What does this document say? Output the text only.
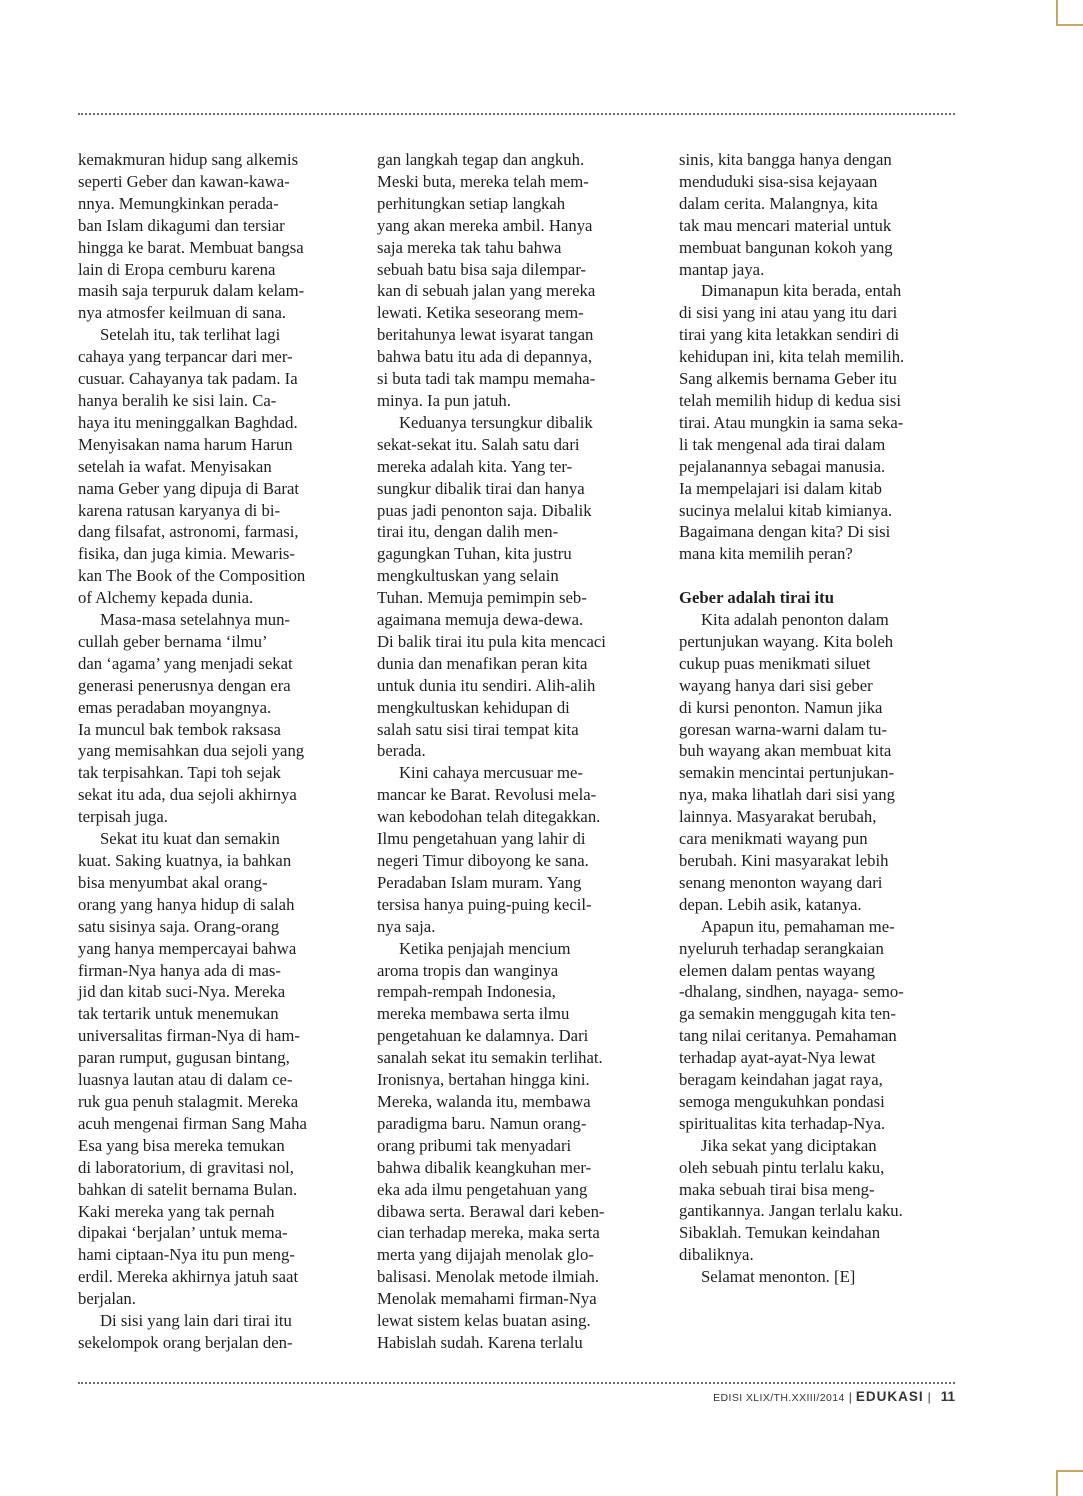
kemakmuran hidup sang alkemis
seperti Geber dan kawan-kawa-
nnya. Memungkinkan perada-
ban Islam dikagumi dan tersiar
hingga ke barat. Membuat bangsa
lain di Eropa cemburu karena
masih saja terpuruk dalam kelam-
nya atmosfer keilmuan di sana.
Setelah itu, tak terlihat lagi
cahaya yang terpancar dari mer-
cusuar. Cahayanya tak padam. Ia
hanya beralih ke sisi lain. Ca-
haya itu meninggalkan Baghdad.
Menyisakan nama harum Harun
setelah ia wafat. Menyisakan
nama Geber yang dipuja di Barat
karena ratusan karyanya di bi-
dang filsafat, astronomi, farmasi,
fisika, dan juga kimia. Mewaris-
kan The Book of the Composition
of Alchemy kepada dunia.
Masa-masa setelahnya mun-
cullah geber bernama ‘ilmu’
dan ‘agama’ yang menjadi sekat
generasi penerusnya dengan era
emas peradaban moyangnya.
Ia muncul bak tembok raksasa
yang memisahkan dua sejoli yang
tak terpisahkan. Tapi toh sejak
sekat itu ada, dua sejoli akhirnya
terpisah juga.
Sekat itu kuat dan semakin
kuat. Saking kuatnya, ia bahkan
bisa menyumbat akal orang-
orang yang hanya hidup di salah
satu sisinya saja. Orang-orang
yang hanya mempercayai bahwa
firman-Nya hanya ada di mas-
jid dan kitab suci-Nya. Mereka
tak tertarik untuk menemukan
universalitas firman-Nya di ham-
paran rumput, gugusan bintang,
luasnya lautan atau di dalam ce-
ruk gua penuh stalagmit. Mereka
acuh mengenai firman Sang Maha
Esa yang bisa mereka temukan
di laboratorium, di gravitasi nol,
bahkan di satelit bernama Bulan.
Kaki mereka yang tak pernah
dipakai ‘berjalan’ untuk mema-
hami ciptaan-Nya itu pun meng-
erdil. Mereka akhirnya jatuh saat
berjalan.
Di sisi yang lain dari tirai itu
sekelompok orang berjalan den-
gan langkah tegap dan angkuh.
Meski buta, mereka telah mem-
perhitungkan setiap langkah
yang akan mereka ambil. Hanya
saja mereka tak tahu bahwa
sebuah batu bisa saja dilempar-
kan di sebuah jalan yang mereka
lewati. Ketika seseorang mem-
beritahunya lewat isyarat tangan
bahwa batu itu ada di depannya,
si buta tadi tak mampu memaha-
minya. Ia pun jatuh.
Keduanya tersungkur dibalik
sekat-sekat itu. Salah satu dari
mereka adalah kita. Yang ter-
sungkur dibalik tirai dan hanya
puas jadi penonton saja. Dibalik
tirai itu, dengan dalih men-
gagungkan Tuhan, kita justru
mengkultuskan yang selain
Tuhan. Memuja pemimpin seb-
agaimana memuja dewa-dewa.
Di balik tirai itu pula kita mencaci
dunia dan menafikan peran kita
untuk dunia itu sendiri. Alih-alih
mengkultuskan kehidupan di
salah satu sisi tirai tempat kita
berada.
Kini cahaya mercusuar me-
mancar ke Barat. Revolusi mela-
wan kebodohan telah ditegakkan.
Ilmu pengetahuan yang lahir di
negeri Timur diboyong ke sana.
Peradaban Islam muram. Yang
tersisa hanya puing-puing kecil-
nya saja.
Ketika penjajah mencium
aroma tropis dan wanginya
rempah-rempah Indonesia,
mereka membawa serta ilmu
pengetahuan ke dalamnya. Dari
sanalah sekat itu semakin terlihat.
Ironisnya, bertahan hingga kini.
Mereka, walanda itu, membawa
paradigma baru. Namun orang-
orang pribumi tak menyadari
bahwa dibalik keangkuhan mer-
eka ada ilmu pengetahuan yang
dibawa serta. Berawal dari keben-
cian terhadap mereka, maka serta
merta yang dijajah menolak glo-
balisasi. Menolak metode ilmiah.
Menolak memahami firman-Nya
lewat sistem kelas buatan asing.
Habislah sudah. Karena terlalu
sinis, kita bangga hanya dengan
menduduki sisa-sisa kejayaan
dalam cerita. Malangnya, kita
tak mau mencari material untuk
membuat bangunan kokoh yang
mantap jaya.
Dimanapun kita berada, entah
di sisi yang ini atau yang itu dari
tirai yang kita letakkan sendiri di
kehidupan ini, kita telah memilih.
Sang alkemis bernama Geber itu
telah memilih hidup di kedua sisi
tirai. Atau mungkin ia sama seka-
li tak mengenal ada tirai dalam
pejalanannya sebagai manusia.
Ia mempelajari isi dalam kitab
sucinya melalui kitab kimianya.
Bagaimana dengan kita? Di sisi
mana kita memilih peran?
Geber adalah tirai itu
Kita adalah penonton dalam
pertunjukan wayang. Kita boleh
cukup puas menikmati siluet
wayang hanya dari sisi geber
di kursi penonton. Namun jika
goresan warna-warni dalam tu-
buh wayang akan membuat kita
semakin mencintai pertunjukan-
nya, maka lihatlah dari sisi yang
lainnya. Masyarakat berubah,
cara menikmati wayang pun
berubah. Kini masyarakat lebih
senang menonton wayang dari
depan. Lebih asik, katanya.
Apapun itu, pemahaman me-
nyeluruh terhadap serangkaian
elemen dalam pentas wayang
-dhalang, sindhen, nayaga- semo-
ga semakin menggugah kita ten-
tang nilai ceritanya. Pemahaman
terhadap ayat-ayat-Nya lewat
beragam keindahan jagat raya,
semoga mengukuhkan pondasi
spiritualitas kita terhadap-Nya.
Jika sekat yang diciptakan
oleh sebuah pintu terlalu kaku,
maka sebuah tirai bisa meng-
gantikannya. Jangan terlalu kaku.
Sibaklah. Temukan keindahan
dibaliknya.
Selamat menonton. [E]
EDISI XLIX/TH.XXIII/2014 | EDUKASI | 11
